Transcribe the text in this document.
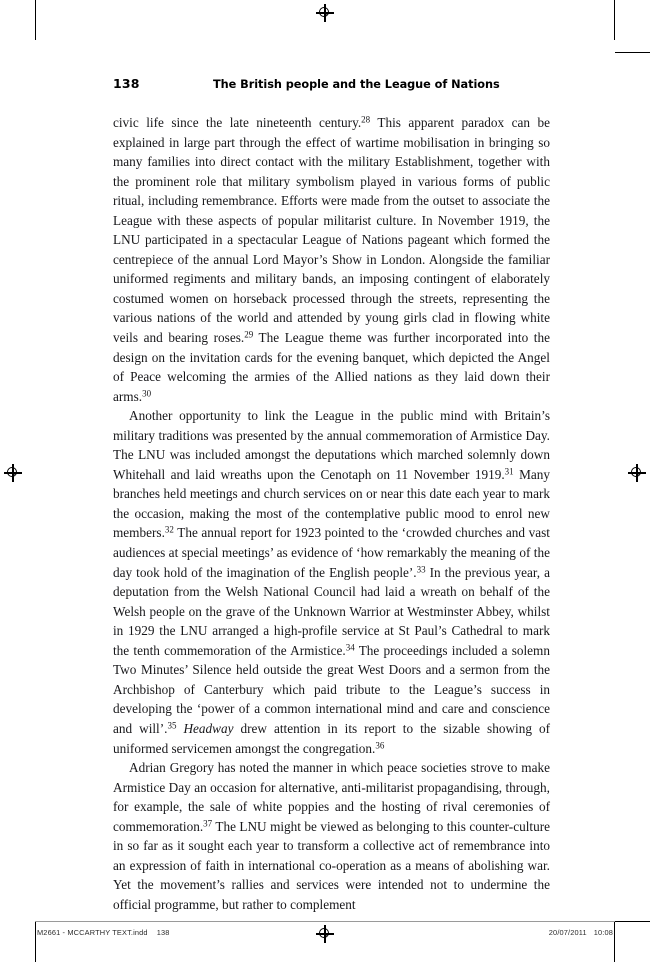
138	The British people and the League of Nations

civic life since the late nineteenth century.$^{28}$ This apparent paradox can be explained in large part through the effect of wartime mobilisation in bringing so many families into direct contact with the military Establishment, together with the prominent role that military symbolism played in various forms of public ritual, including remembrance. Efforts were made from the outset to associate the League with these aspects of popular militarist culture. In November 1919, the LNU participated in a spectacular League of Nations pageant which formed the centrepiece of the annual Lord Mayor’s Show in London. Alongside the familiar uniformed regiments and military bands, an imposing contingent of elaborately costumed women on horseback processed through the streets, representing the various nations of the world and attended by young girls clad in flowing white veils and bearing roses.$^{29}$ The League theme was further incorporated into the design on the invitation cards for the evening banquet, which depicted the Angel of Peace welcoming the armies of the Allied nations as they laid down their arms.$^{30}$

Another opportunity to link the League in the public mind with Britain’s military traditions was presented by the annual commemoration of Armistice Day. The LNU was included amongst the deputations which marched solemnly down Whitehall and laid wreaths upon the Cenotaph on 11 November 1919.31 Many branches held meetings and church services on or near this date each year to mark the occasion, making the most of the contemplative public mood to enrol new members.$^{32}$ The annual report for 1923 pointed to the ‘crowded churches and vast audiences at special meetings’ as evidence of ‘how remarkably the meaning of the day took hold of the imagination of the English people’.$^{33}$ In the previous year, a deputation from the Welsh National Council had laid a wreath on behalf of the Welsh people on the grave of the Unknown Warrior at Westminster Abbey, whilst in 1929 the LNU arranged a high-profile service at St Paul’s Cathedral to mark the tenth commemoration of the Armistice.$^{34}$ The proceedings included a solemn Two Minutes’ Silence held outside the great West Doors and a sermon from the Archbishop of Canterbury which paid tribute to the League’s success in developing the ‘power of a common international mind and care and conscience and will’.$^{35}$ Headway drew attention in its report to the sizable showing of uniformed servicemen amongst the congregation.$^{36}$

Adrian Gregory has noted the manner in which peace societies strove to make Armistice Day an occasion for alternative, anti-militarist propagandising, through, for example, the sale of white poppies and the hosting of rival ceremonies of commemoration.$^{37}$ The LNU might be viewed as belonging to this counter-culture in so far as it sought each year to transform a collective act of remembrance into an expression of faith in international co-operation as a means of abolishing war. Yet the movement’s rallies and services were intended not to undermine the official programme, but rather to complement

M2661 - MCCARTHY TEXT.indd 138	20/07/2011 10:08
